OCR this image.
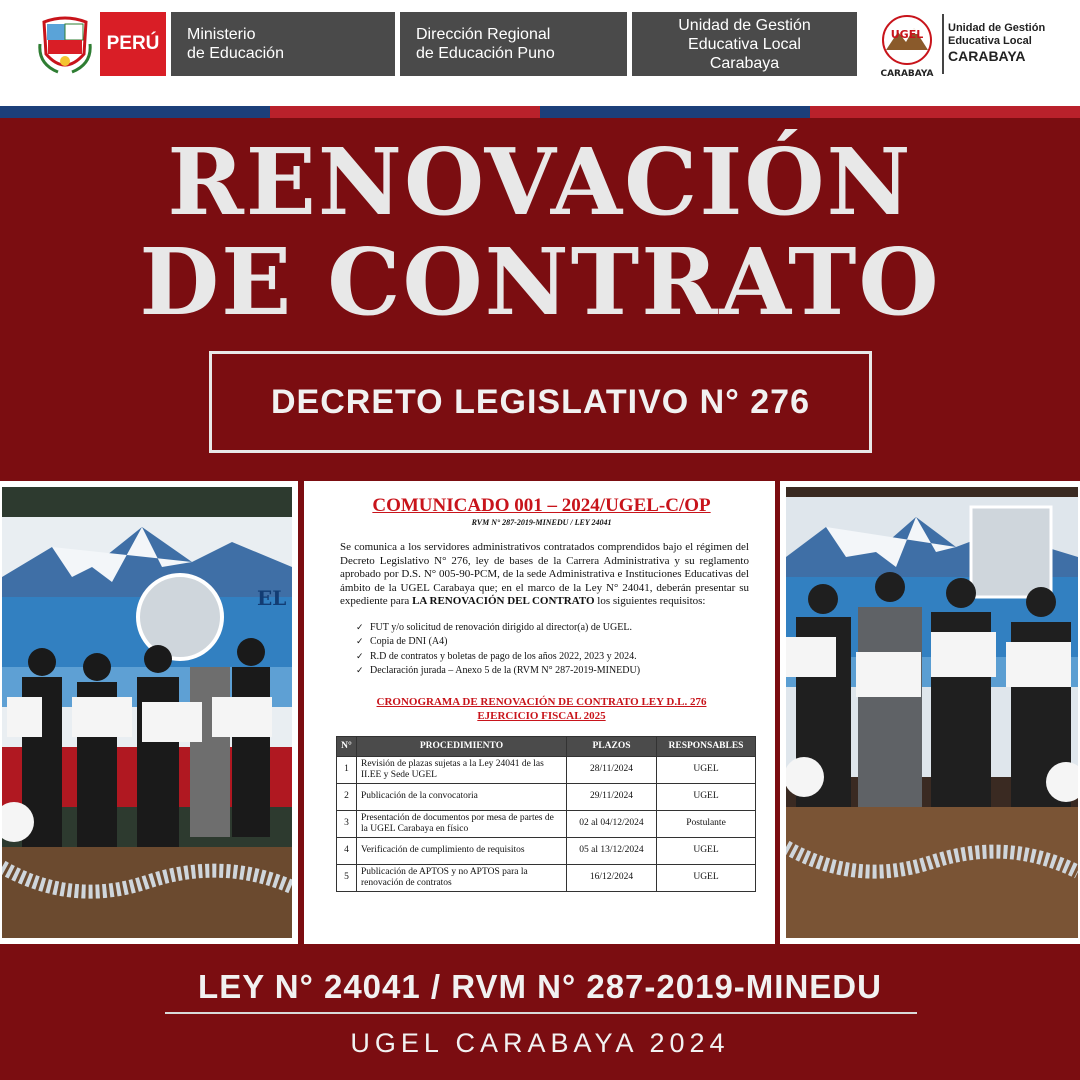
PERÚ	Ministerio
de Educación
Dirección Regional
de Educación Puno
Unidad de Gestión
Educativa Local
Carabaya
UGEL
CARABAYA
Unidad de Gestión
Educativa Local
CARABAYA
RENOVACIÓN
DE CONTRATO
DECRETO LEGISLATIVO N° 276
EL
COMUNICADO 001 – 2024/UGEL-C/OP
RVM N° 287-2019-MINEDU / LEY 24041
Se comunica a los servidores administrativos contratados comprendidos bajo el régimen del Decreto Legislativo N° 276, ley de bases de la Carrera Administrativa y su reglamento aprobado por D.S. N° 005-90-PCM, de la sede Administrativa e Instituciones Educativas del ámbito de la UGEL Carabaya que; en el marco de la Ley N° 24041, deberán presentar su expediente para LA RENOVACIÓN DEL CONTRATO los siguientes requisitos:
✓ FUT y/o solicitud de renovación dirigido al director(a) de UGEL.
✓ Copia de DNI (A4)
✓ R.D de contratos y boletas de pago de los años 2022, 2023 y 2024.
✓ Declaración jurada – Anexo 5 de la (RVM N° 287-2019-MINEDU)
CRONOGRAMA DE RENOVACIÓN DE CONTRATO LEY D.L. 276
EJERCICIO FISCAL 2025
N°	PROCEDIMIENTO	PLAZOS	RESPONSABLES
1	Revisión de plazas sujetas a la Ley 24041 de las II.EE y Sede UGEL	28/11/2024	UGEL
2	Publicación de la convocatoria	29/11/2024	UGEL
3	Presentación de documentos por mesa de partes de la UGEL Carabaya en físico	02 al 04/12/2024	Postulante
4	Verificación de cumplimiento de requisitos	05 al 13/12/2024	UGEL
5	Publicación de APTOS y no APTOS para la renovación de contratos	16/12/2024	UGEL
LEY N° 24041 / RVM N° 287-2019-MINEDU
UGEL CARABAYA 2024
